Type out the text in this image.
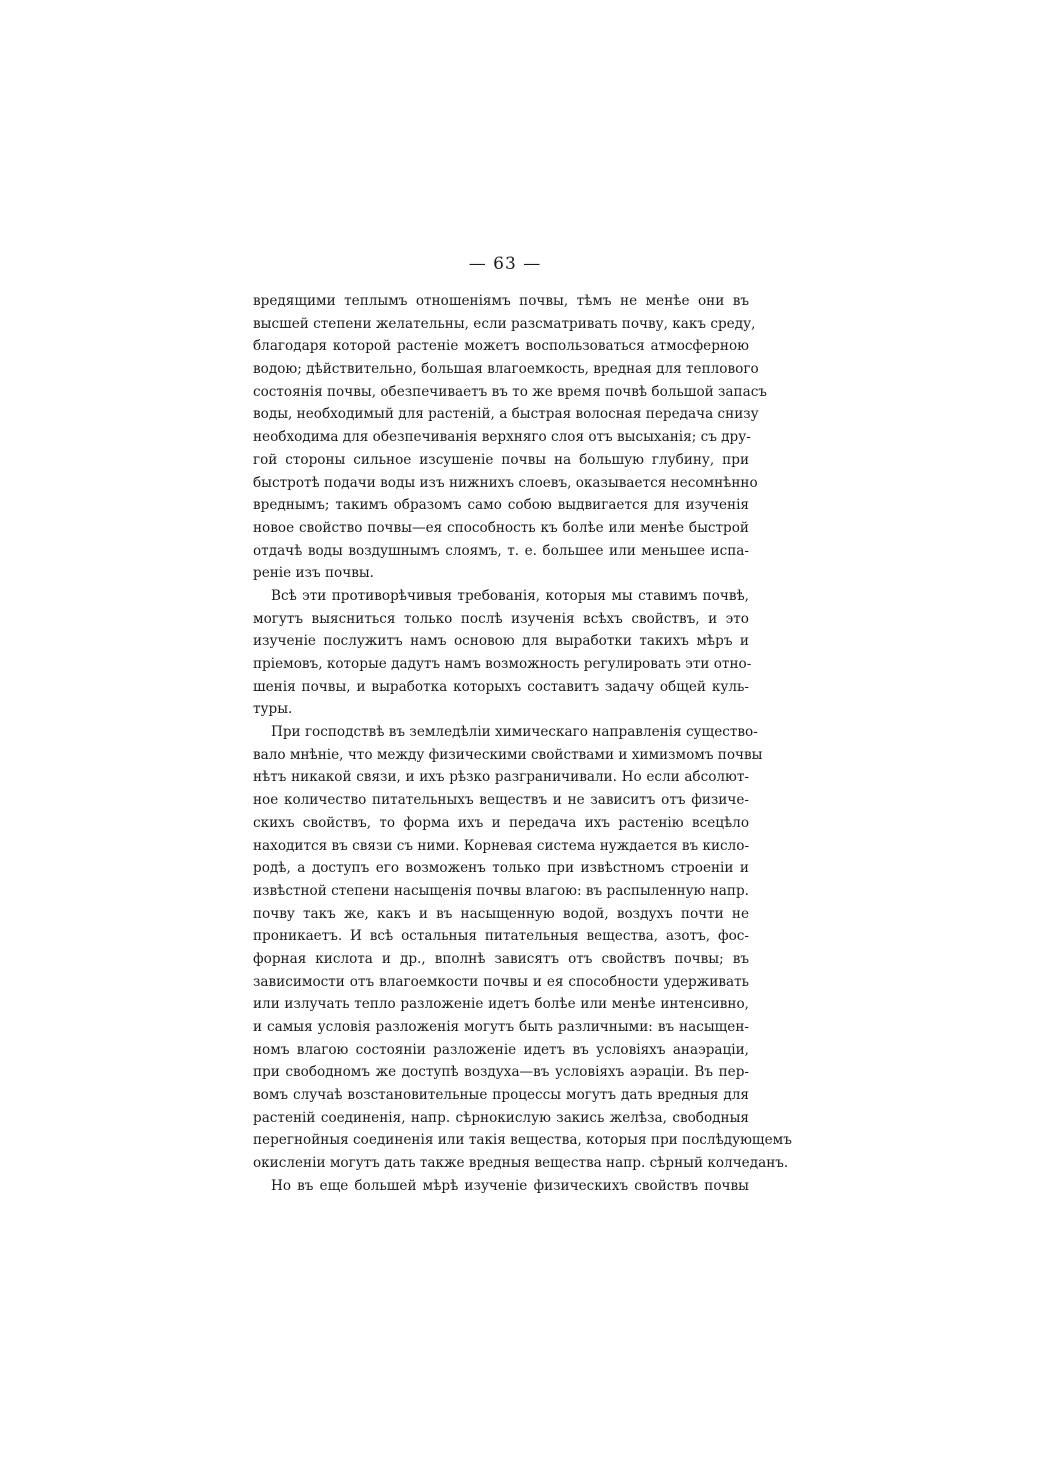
— 63 —
вредящими теплымъ отношеніямъ почвы, тѣмъ не менѣе они въ
высшей степени желательны, если разсматривать почву, какъ среду,
благодаря которой растеніе можетъ воспользоваться атмосферною
водою; дѣйствительно, большая влагоемкость, вредная для теплового
состоянія почвы, обезпечиваетъ въ то же время почвѣ большой запасъ
воды, необходимый для растеній, а быстрая волосная передача снизу
необходима для обезпечиванія верхняго слоя отъ высыханія; съ дру-
гой стороны сильное изсушеніе почвы на большую глубину, при
быстротѣ подачи воды изъ нижнихъ слоевъ, оказывается несомнѣнно
вреднымъ; такимъ образомъ само собою выдвигается для изученія
новое свойство почвы—ея способность къ болѣе или менѣе быстрой
отдачѣ воды воздушнымъ слоямъ, т. е. большее или меньшее испа-
реніе изъ почвы.
Всѣ эти противорѣчивыя требованія, которыя мы ставимъ почвѣ,
могутъ выясниться только послѣ изученія всѣхъ свойствъ, и это
изученіе послужитъ намъ основою для выработки такихъ мѣръ и
пріемовъ, которые дадутъ намъ возможность регулировать эти отно-
шенія почвы, и выработка которыхъ составитъ задачу общей куль-
туры.
При господствѣ въ земледѣліи химическаго направленія существо-
вало мнѣніе, что между физическими свойствами и химизмомъ почвы
нѣтъ никакой связи, и ихъ рѣзко разграничивали. Но если абсолют-
ное количество питательныхъ веществъ и не зависитъ отъ физиче-
скихъ свойствъ, то форма ихъ и передача ихъ растенію всецѣло
находится въ связи съ ними. Корневая система нуждается въ кисло-
родѣ, а доступъ его возможенъ только при извѣстномъ строеніи и
извѣстной степени насыщенія почвы влагою: въ распыленную напр.
почву такъ же, какъ и въ насыщенную водой, воздухъ почти не
проникаетъ. И всѣ остальныя питательныя вещества, азотъ, фос-
форная кислота и др., вполнѣ зависятъ отъ свойствъ почвы; въ
зависимости отъ влагоемкости почвы и ея способности удерживать
или излучать тепло разложеніе идетъ болѣе или менѣе интенсивно,
и самыя условія разложенія могутъ быть различными: въ насыщен-
номъ влагою состояніи разложеніе идетъ въ условіяхъ анаэраціи,
при свободномъ же доступѣ воздуха—въ условіяхъ аэраціи. Въ пер-
вомъ случаѣ возстановительные процессы могутъ дать вредныя для
растеній соединенія, напр. сѣрнокислую закись желѣза, свободныя
перегнойныя соединенія или такія вещества, которыя при послѣдующемъ
окисленіи могутъ дать также вредныя вещества напр. сѣрный колчеданъ.
Но въ еще большей мѣрѣ изученіе физическихъ свойствъ почвы
